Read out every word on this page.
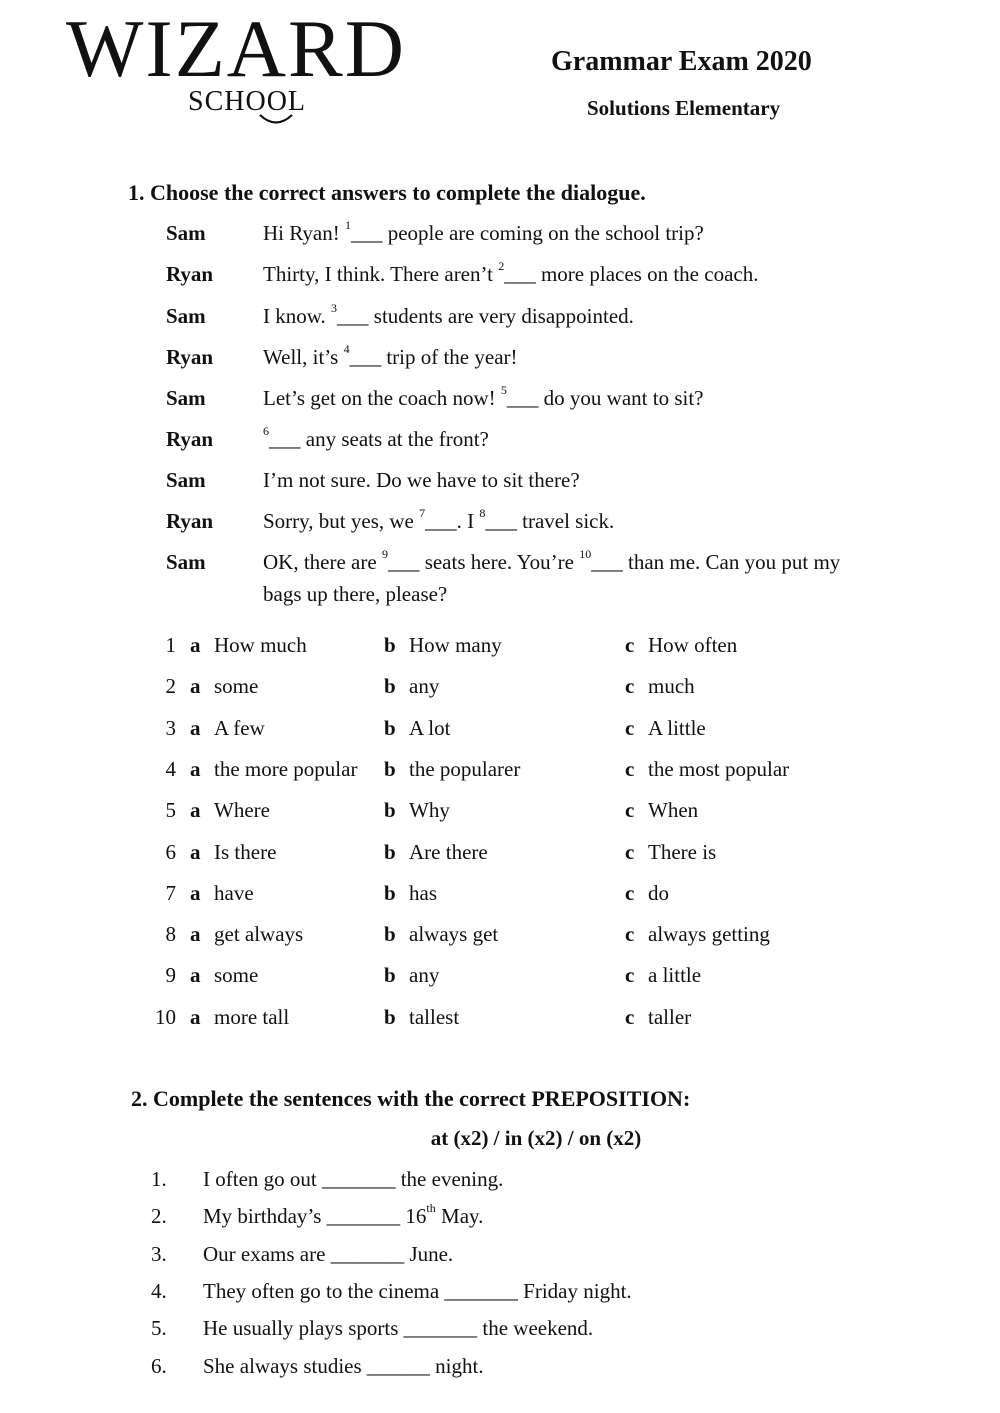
WIZARD
SCHOOL
Grammar Exam 2020
Solutions Elementary
1. Choose the correct answers to complete the dialogue.
Sam	Hi Ryan! $^1$___ people are coming on the school trip?
Ryan Thirty, I think. There aren’t $^2$___ more places on the coach.
Sam	I know. $^3$___ students are very disappointed.
Ryan Well, it’s $^4$___ trip of the year!
Sam	Let’s get on the coach now! $^5$___ do you want to sit?
Ryan	$^6$___ any seats at the front?
Sam	I’m not sure. Do we have to sit there?
Ryan Sorry, but yes, we $^7$___. I $^8$___ travel sick.
Sam	OK, there are $^9$___ seats here. You’re $^{10}$___ than me. Can you put my
bags up there, please?
1 a How much	b How many	c How often
2 a some	b any	c much
3 a A few	b A lot	c A little
4 a the more popular b the popularer	c the most popular
5 a Where	b Why	c When
6 a Is there	b Are there	c There is
7 a have	b has	c do
8 a get always	b always get	c always getting
9 a some	b any	c a little
10 a more tall	b tallest	c taller
2. Complete the sentences with the correct PREPOSITION:
at (x2) / in (x2) / on (x2)
1. I often go out _______ the evening.
2. My birthday’s _______ 16th May.
3. Our exams are _______ June.
4. They often go to the cinema _______ Friday night.
5. He usually plays sports _______ the weekend.
6. She always studies ______ night.
